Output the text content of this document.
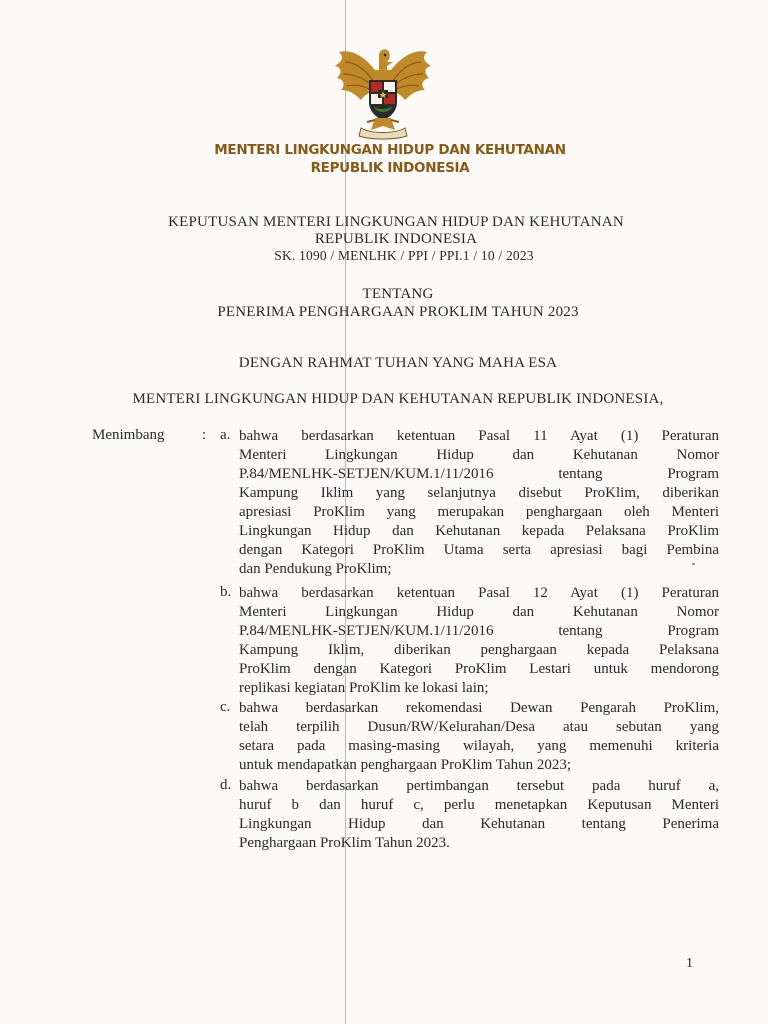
MENTERI LINGKUNGAN HIDUP DAN KEHUTANAN
REPUBLIK INDONESIA
KEPUTUSAN MENTERI LINGKUNGAN HIDUP DAN KEHUTANAN
REPUBLIK INDONESIA
SK. 1090 / MENLHK / PPI / PPI.1 / 10 / 2023
TENTANG
PENERIMA PENGHARGAAN PROKLIM TAHUN 2023
DENGAN RAHMAT TUHAN YANG MAHA ESA
MENTERI LINGKUNGAN HIDUP DAN KEHUTANAN REPUBLIK INDONESIA,
Menimbang	: a. bahwa berdasarkan ketentuan Pasal 11 Ayat (1) Peraturan
Menteri Lingkungan Hidup dan Kehutanan Nomor
P.84/MENLHK-SETJEN/KUM.1/11/2016 tentang Program
Kampung Iklim yang selanjutnya disebut ProKlim, diberikan
apresiasi ProKlim yang merupakan penghargaan oleh Menteri
Lingkungan Hidup dan Kehutanan kepada Pelaksana ProKlim
dengan Kategori ProKlim Utama serta apresiasi bagi Pembina
dan Pendukung ProKlim;
b. bahwa berdasarkan ketentuan Pasal 12 Ayat (1) Peraturan
Menteri Lingkungan Hidup dan Kehutanan Nomor
P.84/MENLHK-SETJEN/KUM.1/11/2016 tentang Program
Kampung Iklim, diberikan penghargaan kepada Pelaksana
ProKlim dengan Kategori ProKlim Lestari untuk mendorong
replikasi kegiatan ProKlim ke lokasi lain;
c. bahwa berdasarkan rekomendasi Dewan Pengarah ProKlim,
telah terpilih Dusun/RW/Kelurahan/Desa atau sebutan yang
setara pada masing-masing wilayah, yang memenuhi kriteria
untuk mendapatkan penghargaan ProKlim Tahun 2023;
d. bahwa berdasarkan pertimbangan tersebut pada huruf a,
huruf b dan huruf c, perlu menetapkan Keputusan Menteri
Lingkungan Hidup dan Kehutanan tentang Penerima
Penghargaan ProKlim Tahun 2023.
1
